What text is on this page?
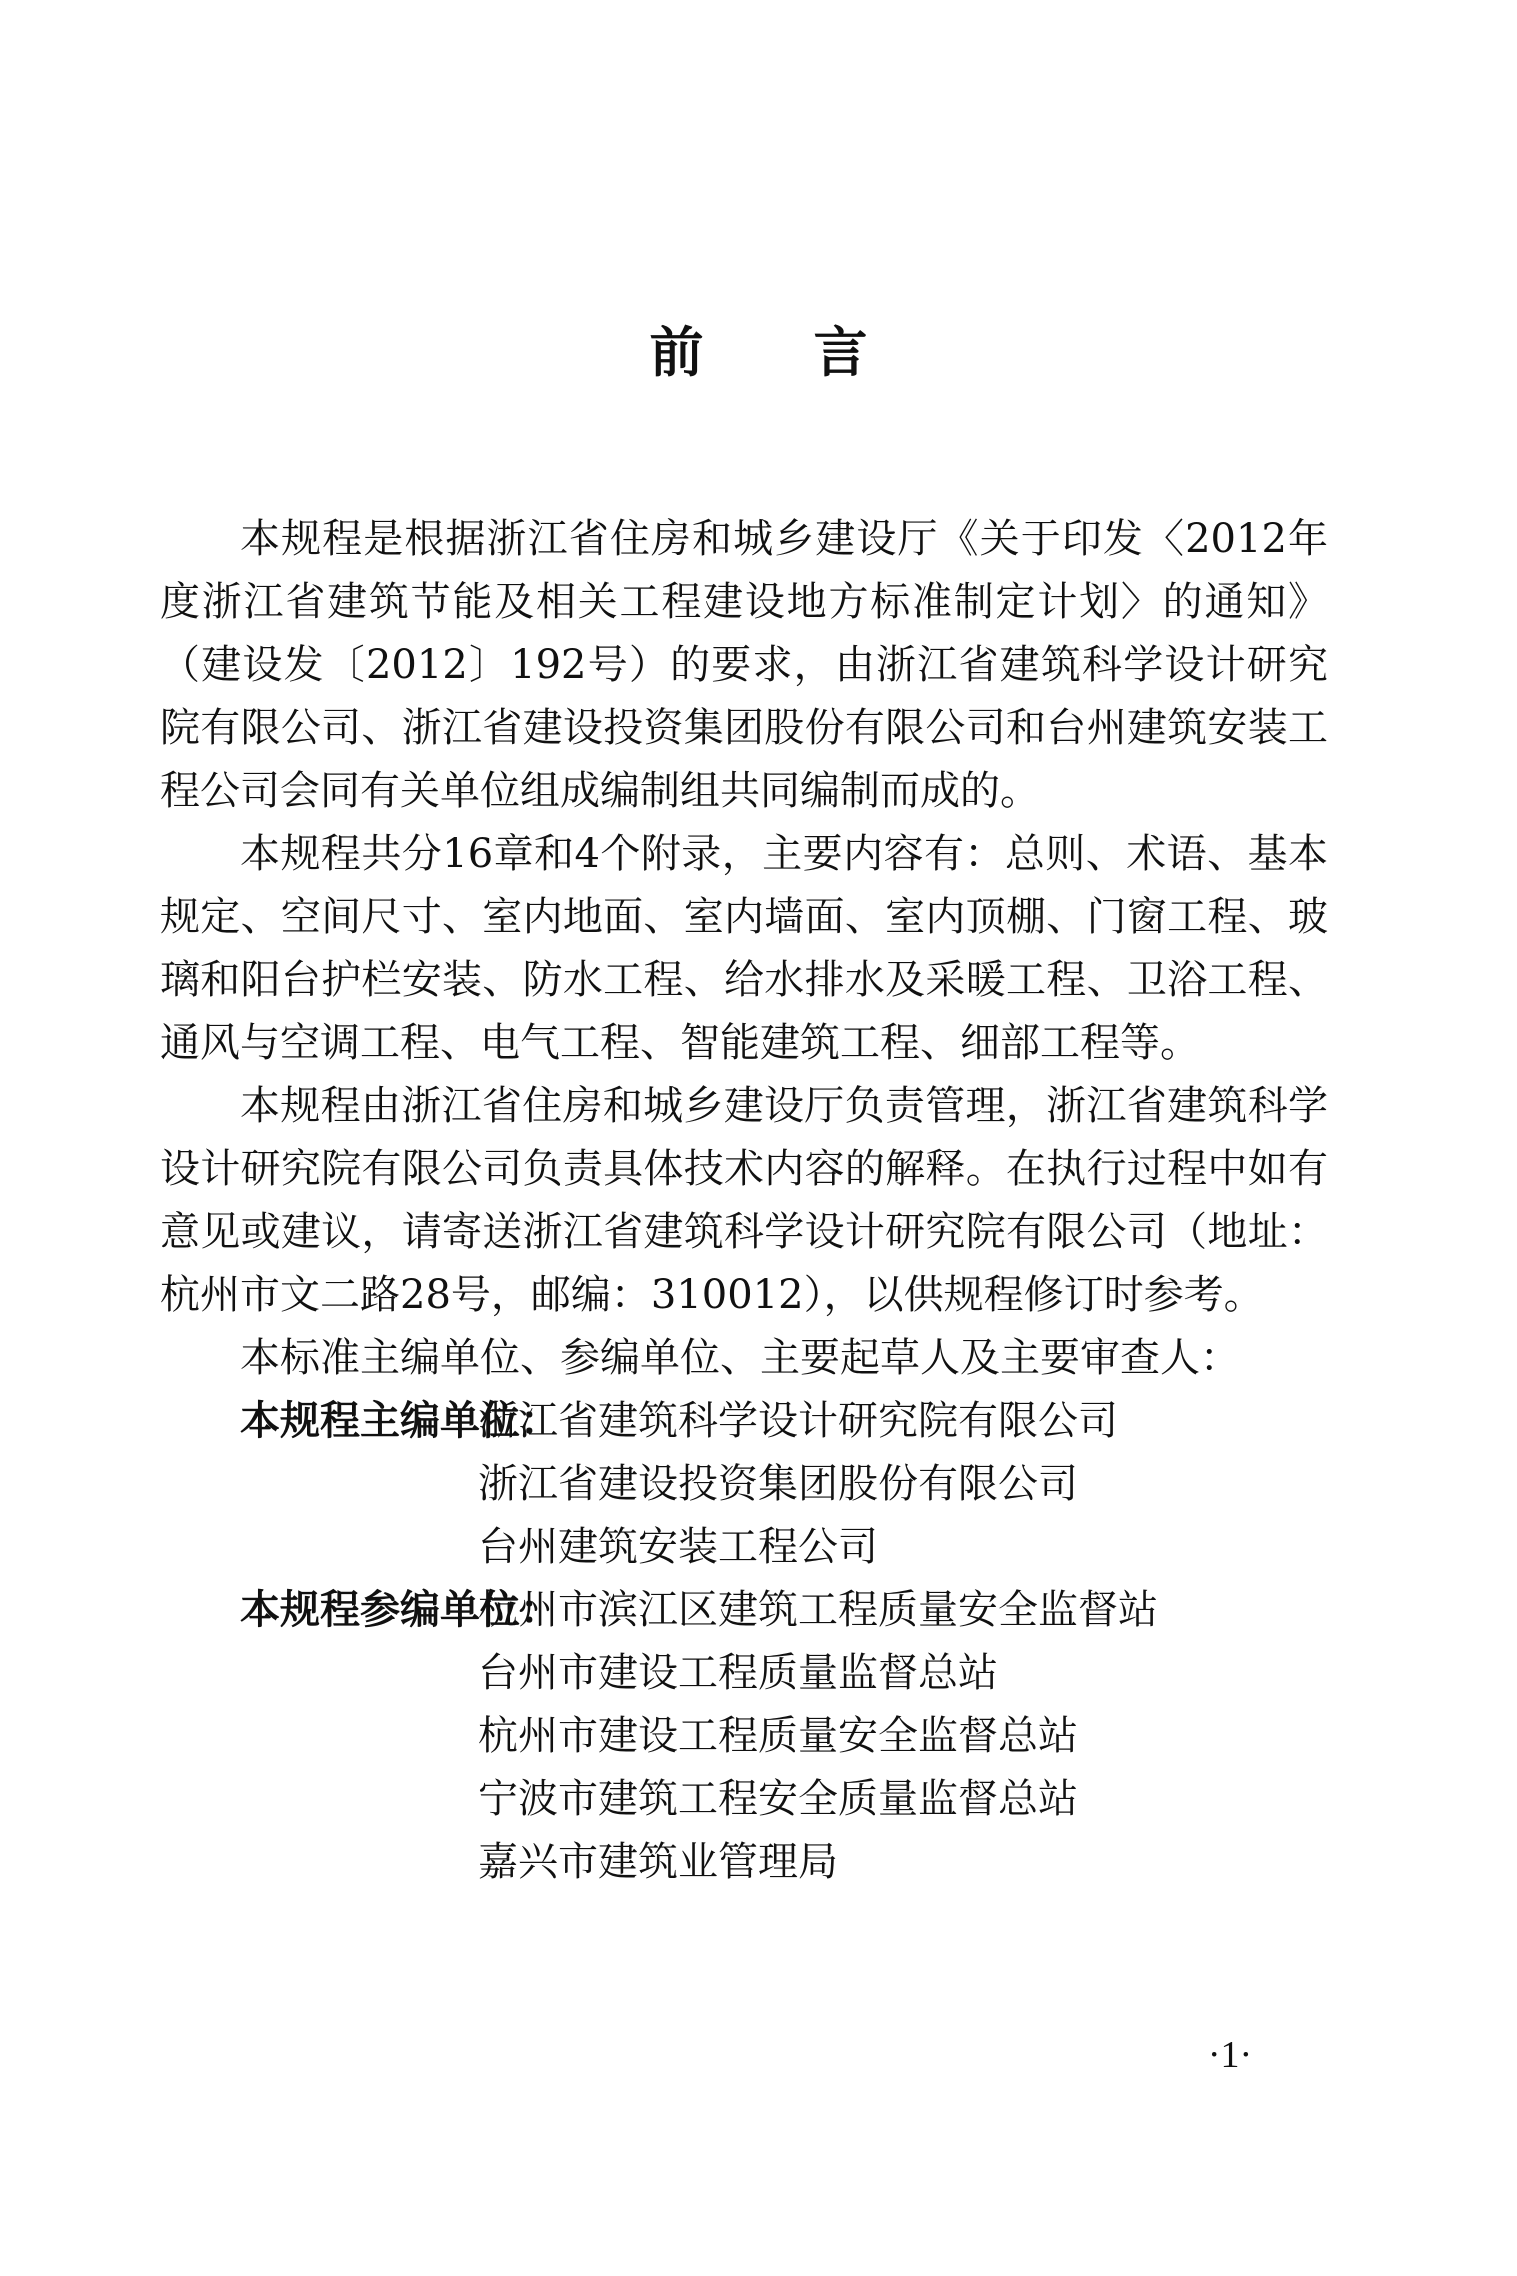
前言

本规程是根据浙江省住房和城乡建设厅《关于印发〈2012年度浙江省建筑节能及相关工程建设地方标准制定计划〉的通知》（建设发〔2012〕192号）的要求，由浙江省建筑科学设计研究院有限公司、浙江省建设投资集团股份有限公司和台州建筑安装工程公司会同有关单位组成编制组共同编制而成的。

本规程共分16章和4个附录，主要内容有：总则、术语、基本规定、空间尺寸、室内地面、室内墙面、室内顶棚、门窗工程、玻璃和阳台护栏安装、防水工程、给水排水及采暖工程、卫浴工程、通风与空调工程、电气工程、智能建筑工程、细部工程等。

本规程由浙江省住房和城乡建设厅负责管理，浙江省建筑科学设计研究院有限公司负责具体技术内容的解释。在执行过程中如有意见或建议，请寄送浙江省建筑科学设计研究院有限公司（地址：杭州市文二路28号，邮编：310012），以供规程修订时参考。

本标准主编单位、参编单位、主要起草人及主要审查人：

本规程主编单位：
浙江省建筑科学设计研究院有限公司
浙江省建设投资集团股份有限公司
台州建筑安装工程公司
本规程参编单位：
杭州市滨江区建筑工程质量安全监督站
台州市建设工程质量监督总站
杭州市建设工程质量安全监督总站
宁波市建筑工程安全质量监督总站
嘉兴市建筑业管理局
·1·
